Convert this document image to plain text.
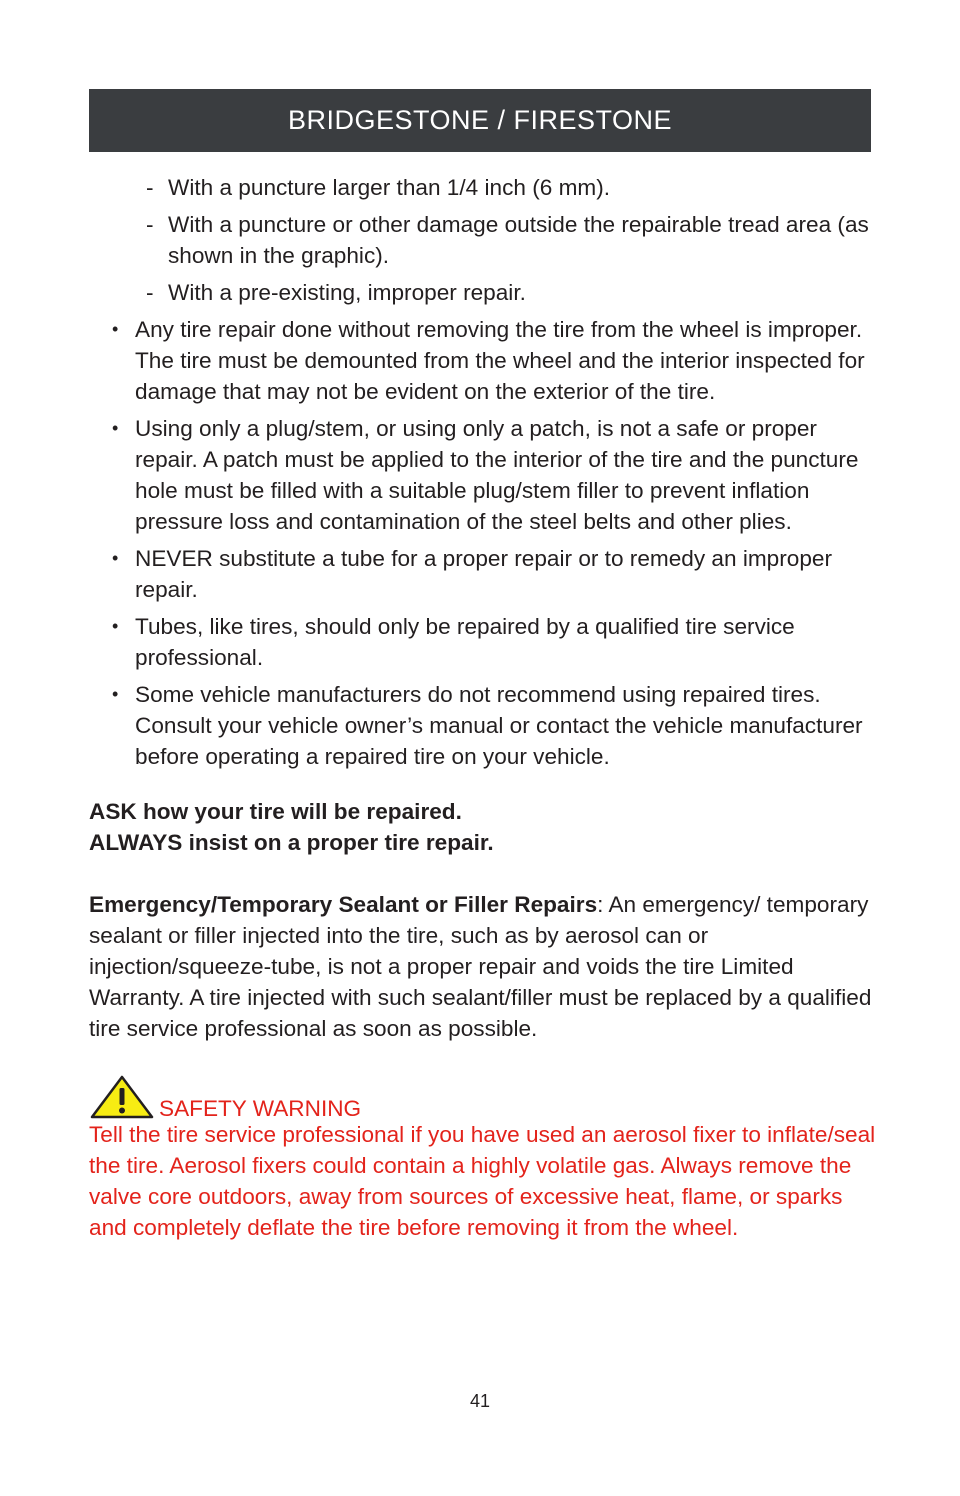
BRIDGESTONE / FIRESTONE
- With a puncture larger than 1/4 inch (6 mm).
- With a puncture or other damage outside the repairable tread area (as shown in the graphic).
- With a pre-existing, improper repair.
• Any tire repair done without removing the tire from the wheel is improper. The tire must be demounted from the wheel and the interior inspected for damage that may not be evident on the exterior of the tire.
• Using only a plug/stem, or using only a patch, is not a safe or proper repair. A patch must be applied to the interior of the tire and the puncture hole must be filled with a suitable plug/stem filler to prevent inflation pressure loss and contamination of the steel belts and other plies.
• NEVER substitute a tube for a proper repair or to remedy an improper repair.
• Tubes, like tires, should only be repaired by a qualified tire service professional.
• Some vehicle manufacturers do not recommend using repaired tires. Consult your vehicle owner’s manual or contact the vehicle manufacturer before operating a repaired tire on your vehicle.
ASK how your tire will be repaired.
ALWAYS insist on a proper tire repair.
Emergency/Temporary Sealant or Filler Repairs: An emergency/ temporary sealant or filler injected into the tire, such as by aerosol can or injection/squeeze-tube, is not a proper repair and voids the tire Limited Warranty. A tire injected with such sealant/filler must be replaced by a qualified tire service professional as soon as possible.
SAFETY WARNING
Tell the tire service professional if you have used an aerosol fixer to inflate/seal the tire. Aerosol fixers could contain a highly volatile gas. Always remove the valve core outdoors, away from sources of excessive heat, flame, or sparks and completely deflate the tire before removing it from the wheel.
41
